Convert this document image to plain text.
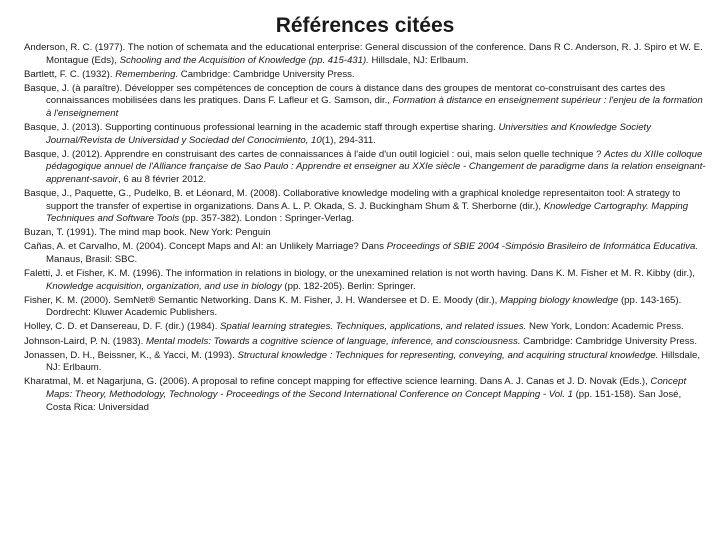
Références citées

Anderson, R. C. (1977). The notion of schemata and the educational enterprise: General discussion of the conference. Dans R C. Anderson, R. J. Spiro et W. E. Montague (Eds), Schooling and the Acquisition of Knowledge (pp. 415-431). Hillsdale, NJ: Erlbaum.

Bartlett, F. C. (1932). Remembering. Cambridge: Cambridge University Press.

Basque, J. (à paraître). Développer ses compétences de conception de cours à distance dans des groupes de mentorat co-construisant des cartes des connaissances mobilisées dans les pratiques. Dans F. Lafleur et G. Samson, dir., Formation à distance en enseignement supérieur : l'enjeu de la formation à l'enseignement

Basque, J. (2013). Supporting continuous professional learning in the academic staff through expertise sharing. Universities and Knowledge Society Journal/Revista de Universidad y Sociedad del Conocimiento, 10(1), 294-311.

Basque, J. (2012). Apprendre en construisant des cartes de connaissances à l'aide d'un outil logiciel : oui, mais selon quelle technique ? Actes du XIIIe colloque pédagogique annuel de l'Alliance française de Sao Paulo : Apprendre et enseigner au XXIe siècle - Changement de paradigme dans la relation enseignant-apprenant-savoir, 6 au 8 février 2012.

Basque, J., Paquette, G., Pudelko, B. et Léonard, M. (2008). Collaborative knowledge modeling with a graphical knoledge representaiton tool: A strategy to support the transfer of expertise in organizations. Dans A. L. P. Okada, S. J. Buckingham Shum & T. Sherborne (dir.), Knowledge Cartography. Mapping Techniques and Software Tools (pp. 357-382). London : Springer-Verlag.

Buzan, T. (1991). The mind map book. New York: Penguin

Cañas, A. et Carvalho, M. (2004). Concept Maps and AI: an Unlikely Marriage? Dans Proceedings of SBIE 2004 -Simpósio Brasileiro de Informática Educativa. Manaus, Brasil: SBC.

Faletti, J. et Fisher, K. M. (1996). The information in relations in biology, or the unexamined relation is not worth having. Dans K. M. Fisher et M. R. Kibby (dir.), Knowledge acquisition, organization, and use in biology (pp. 182-205). Berlin: Springer.

Fisher, K. M. (2000). SemNet® Semantic Networking. Dans K. M. Fisher, J. H. Wandersee et D. E. Moody (dir.), Mapping biology knowledge (pp. 143-165). Dordrecht: Kluwer Academic Publishers.

Holley, C. D. et Dansereau, D. F. (dir.) (1984). Spatial learning strategies. Techniques, applications, and related issues. New York, London: Academic Press.

Johnson-Laird, P. N. (1983). Mental models: Towards a cognitive science of language, inference, and consciousness. Cambridge: Cambridge University Press.

Jonassen, D. H., Beissner, K., & Yacci, M. (1993). Structural knowledge : Techniques for representing, conveying, and acquiring structural knowledge. Hillsdale, NJ: Erlbaum.

Kharatmal, M. et Nagarjuna, G. (2006). A proposal to refine concept mapping for effective science learning. Dans A. J. Canas et J. D. Novak (Eds.), Concept Maps: Theory, Methodology, Technology - Proceedings of the Second International Conference on Concept Mapping - Vol. 1 (pp. 151-158). San José, Costa Rica: Universidad
